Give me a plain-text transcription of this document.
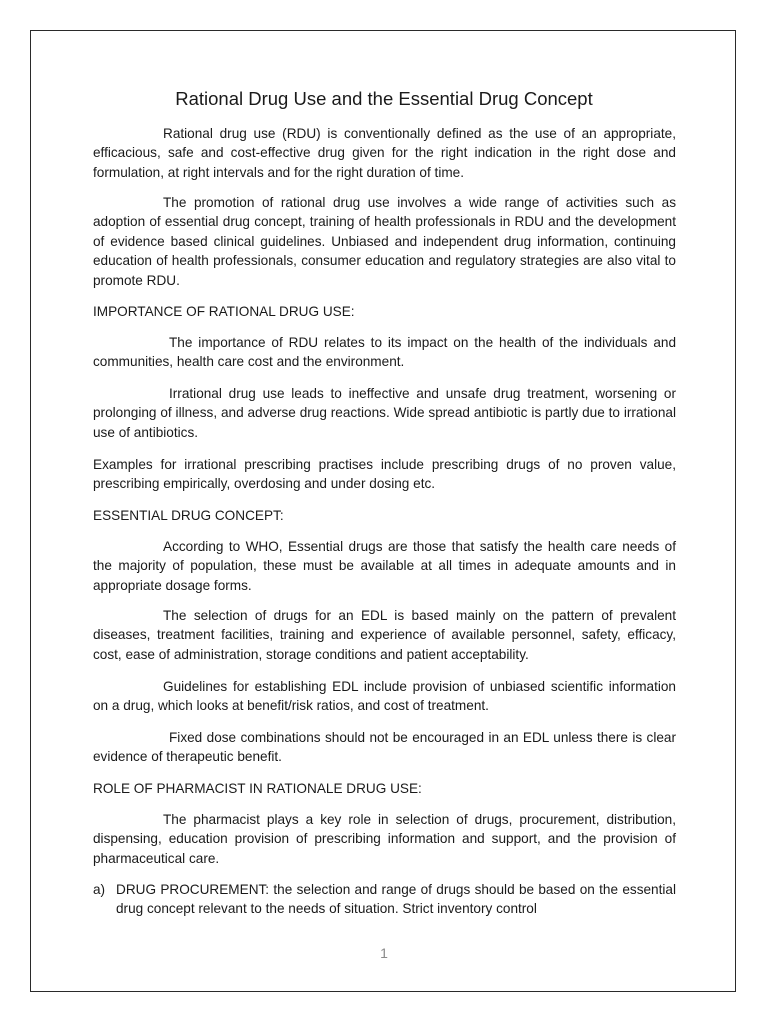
Rational Drug Use and the Essential Drug Concept

Rational drug use (RDU) is conventionally defined as the use of an appropriate, efficacious, safe and cost-effective drug given for the right indication in the right dose and formulation, at right intervals and for the right duration of time.

The promotion of rational drug use involves a wide range of activities such as adoption of essential drug concept, training of health professionals in RDU and the development of evidence based clinical guidelines. Unbiased and independent drug information, continuing education of health professionals, consumer education and regulatory strategies are also vital to promote RDU.

IMPORTANCE OF RATIONAL DRUG USE:

The importance of RDU relates to its impact on the health of the individuals and communities, health care cost and the environment.

Irrational drug use leads to ineffective and unsafe drug treatment, worsening or prolonging of illness, and adverse drug reactions. Wide spread antibiotic is partly due to irrational use of antibiotics.

Examples for irrational prescribing practises include prescribing drugs of no proven value, prescribing empirically, overdosing and under dosing etc.

ESSENTIAL DRUG CONCEPT:

According to WHO, Essential drugs are those that satisfy the health care needs of the majority of population, these must be available at all times in adequate amounts and in appropriate dosage forms.

The selection of drugs for an EDL is based mainly on the pattern of prevalent diseases, treatment facilities, training and experience of available personnel, safety, efficacy, cost, ease of administration, storage conditions and patient acceptability.

Guidelines for establishing EDL include provision of unbiased scientific information on a drug, which looks at benefit/risk ratios, and cost of treatment.

Fixed dose combinations should not be encouraged in an EDL unless there is clear evidence of therapeutic benefit.

ROLE OF PHARMACIST IN RATIONALE DRUG USE:

The pharmacist plays a key role in selection of drugs, procurement, distribution, dispensing, education provision of prescribing information and support, and the provision of pharmaceutical care.

a) DRUG PROCUREMENT: the selection and range of drugs should be based on the essential drug concept relevant to the needs of situation. Strict inventory control
1
